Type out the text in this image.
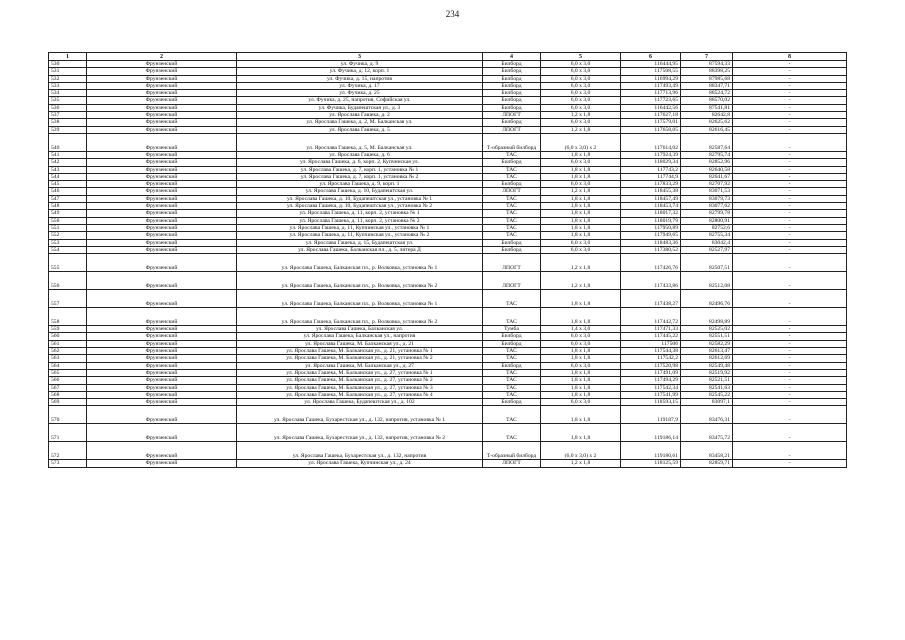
234
1	2	3	4	5	6	7	8
530	Фрунзенский	ул. Фучика, д. 9	Билборд	6,0 x 3,0	116444,95	87594,33	-
531	Фрунзенский	ул. Фучика, д. 12, корп. 1	Билборд	6,0 x 3,0	117508,55	88398,25	-
532	Фрунзенский	ул. Фучика, д. 15, напротив	Билборд	6,0 x 3,0	116994,29	87985,68	-
533	Фрунзенский	ул. Фучика, д. 17	Билборд	6,0 x 3,0	117493,49	88347,71	-
534	Фрунзенский	ул. Фучика, д. 25	Билборд	6,0 x 3,0	117713,96	88524,72	-
535	Фрунзенский	ул. Фучика, д. 25, напротив, Софийская ул.	Билборд	6,0 x 3,0	117723,65	88570,02	-
536	Фрунзенский	ул. Фучика, Будапештская ул., д. 3	Билборд	6,0 x 3,0	116442,56	87541,81	-
537	Фрунзенский	ул. Ярослава Гашека, д. 2	ЛПОГТ	1,2 x 1,8	117627,18	82642,8	-
538	Фрунзенский	ул. Ярослава Гашека, д. 2, М. Балканская ул.	Билборд	6,0 x 3,0	117579,01	82625,62	-
539	Фрунзенский	ул. Ярослава Гашека, д. 5	ЛПОГТ	1,2 x 1,8	117658,05	82616,45	-
540	Фрунзенский	ул. Ярослава Гашека, д. 5, М. Балканская ул.	Т-образный билборд	(6,0 x 3,0) x 2	117614,02	82587,64	-
541	Фрунзенский	ул. Ярослава Гашека, д. 6	ТАС	1,8 x 1,8	117924,39	82795,74	-
542	Фрунзенский	ул. Ярослава Гашека, д. 6, корп. 2, Купчинская ул.	Билборд	6,0 x 3,0	118029,34	82852,96	-
543	Фрунзенский	ул. Ярослава Гашека, д. 7, корп. 1, установка № 1	ТАС	1,8 x 1,8	117743,2	82640,58	-
544	Фрунзенский	ул. Ярослава Гашека, д. 7, корп. 1, установка № 2	ТАС	1,8 x 1,8	117744,9	82641,67	-
545	Фрунзенский	ул. Ярослава Гашека, д. 9, корп. 1	Билборд	6,0 x 3,0	117833,29	82707,92	-
546	Фрунзенский	ул. Ярослава Гашека, д. 10, Будапештская ул.	ЛПОГТ	1,2 x 1,8	118455,38	83071,53	-
547	Фрунзенский	ул. Ярослава Гашека, д. 10, Будапештская ул., установка № 1	ТАС	1,8 x 1,8	118457,49	83079,73	-
548	Фрунзенский	ул. Ярослава Гашека, д. 10, Будапештская ул., установка № 2	ТАС	1,8 x 1,8	118453,74	83077,62	-
549	Фрунзенский	ул. Ярослава Гашека, д. 11, корп. 2, установка № 1	ТАС	1,8 x 1,8	118017,32	82799,78	-
550	Фрунзенский	ул. Ярослава Гашека, д. 11, корп. 2, установка № 2	ТАС	1,8 x 1,8	118019,79	82800,91	-
551	Фрунзенский	ул. Ярослава Гашека, д. 11, Купчинская ул., установка № 1	ТАС	1,8 x 1,8	117950,89	82752,6	-
552	Фрунзенский	ул. Ярослава Гашека, д. 11, Купчинская ул., установка № 2	ТАС	1,8 x 1,8	117949,65	82755,34	-
553	Фрунзенский	ул. Ярослава Гашека, д. 15, Будапештская ул.	Билборд	6,0 x 3,0	118483,36	83042,4	-
554	Фрунзенский	ул. Ярослава Гашека, Балканская пл., д. 5, литера Д	Билборд	6,0 x 3,0	117380,52	82527,97	-
555	Фрунзенский	ул. Ярослава Гашека, Балканская пл., р. Волковка, установка № 1	ЛПОГТ	1,2 x 1,8	117426,76	82507,51	-
556	Фрунзенский	ул. Ярослава Гашека, Балканская пл., р. Волковка, установка № 2	ЛПОГТ	1,2 x 1,8	117433,86	82512,08	-
557	Фрунзенский	ул. Ярослава Гашека, Балканская пл., р. Волковка, установка № 1	ТАС	1,8 x 1,8	117438,27	82496,76	-
558	Фрунзенский	ул. Ярослава Гашека, Балканская пл., р. Волковка, установка № 2	ТАС	1,8 x 1,8	117442,72	82498,89	-
559	Фрунзенский	ул. Ярослава Гашека, Балканская ул.	Тумба	1,4 x 3,0	117471,33	82525,02	-
560	Фрунзенский	ул. Ярослава Гашека, Балканская ул., напротив	Билборд	6,0 x 3,0	117445,22	82551,51	-
561	Фрунзенский	ул. Ярослава Гашека, М. Балканская ул., д. 21	Билборд	6,0 x 3,0	117506	82582,29	-
562	Фрунзенский	ул. Ярослава Гашека, М. Балканская ул., д. 21, установка № 1	ТАС	1,8 x 1,8	117544,38	82613,47	-
563	Фрунзенский	ул. Ярослава Гашека, М. Балканская ул., д. 21, установка № 2	ТАС	1,8 x 1,8	117542,2	82612,69	-
564	Фрунзенский	ул. Ярослава Гашека, М. Балканская ул., д. 27	Билборд	6,0 x 3,0	117520,98	82549,48	-
565	Фрунзенский	ул. Ярослава Гашека, М. Балканская ул., д. 27, установка № 1	ТАС	1,8 x 1,8	117491,09	82519,92	-
566	Фрунзенский	ул. Ярослава Гашека, М. Балканская ул., д. 27, установка № 2	ТАС	1,8 x 1,8	117494,29	82521,51	-
567	Фрунзенский	ул. Ярослава Гашека, М. Балканская ул., д. 27, установка № 3	ТАС	1,8 x 1,8	117542,34	82541,63	-
568	Фрунзенский	ул. Ярослава Гашека, М. Балканская ул., д. 27, установка № 4	ТАС	1,8 x 1,8	117541,99	82545,22	-
569	Фрунзенский	ул. Ярослава Гашека, Будапештская ул., д. 102	Билборд	6,0 x 3,0	118593,15	83097,1	-
570	Фрунзенский	ул. Ярослава Гашека, Бухарестская ул., д. 132, напротив, установка № 1	ТАС	1,8 x 1,8	119187,9	83476,31	-
571	Фрунзенский	ул. Ярослава Гашека, Бухарестская ул., д. 132, напротив, установка № 2	ТАС	1,8 x 1,8	119186,14	83475,72	-
572	Фрунзенский	ул. Ярослава Гашека, Бухарестская ул., д. 132, напротив	Т-образный билборд	(6,0 x 3,0) x 2	119180,61	83458,21	-
573	Фрунзенский	ул. Ярослава Гашека, Купчинская ул., д. 24	ЛПОГТ	1,2 x 1,8	118125,59	82859,71	-
